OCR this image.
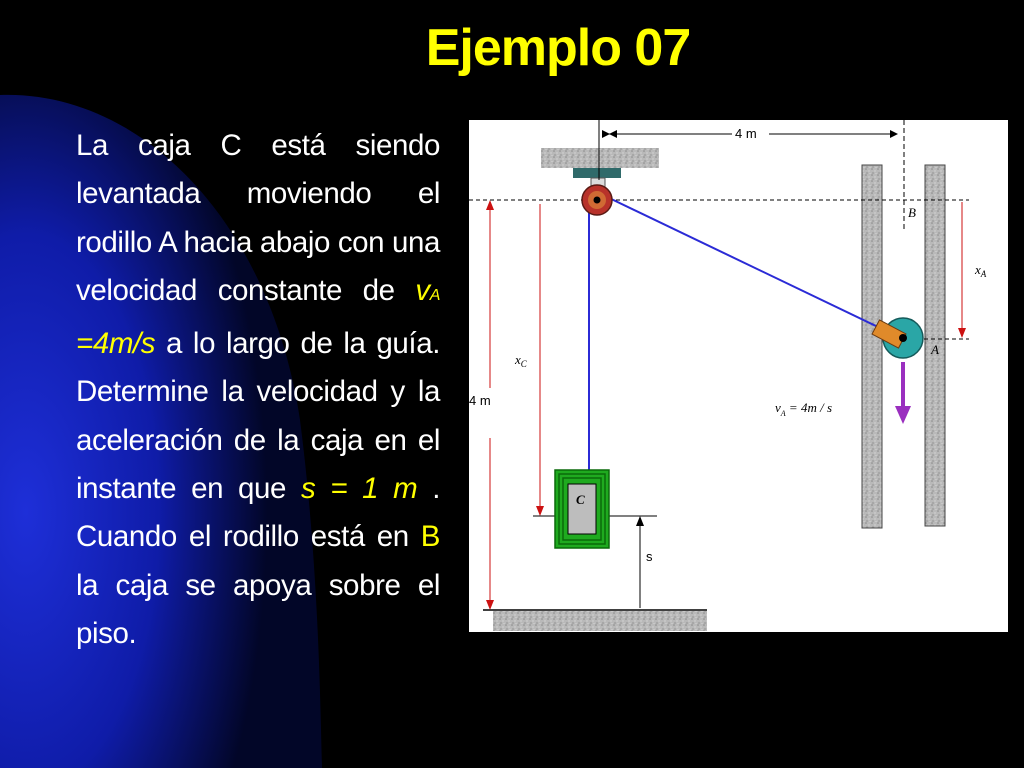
Ejemplo 07
La caja C está siendo levantada moviendo el rodillo A hacia abajo con una velocidad constante de vA =4m/s a lo largo de la guía. Determine la velocidad y la aceleración de la caja en el instante en que s = 1 m . Cuando el rodillo está en B la caja se apoya sobre el piso.
4 m
4 m
$x_C$
s
B
$x_A$
C
A
$v_A = 4m / s$
